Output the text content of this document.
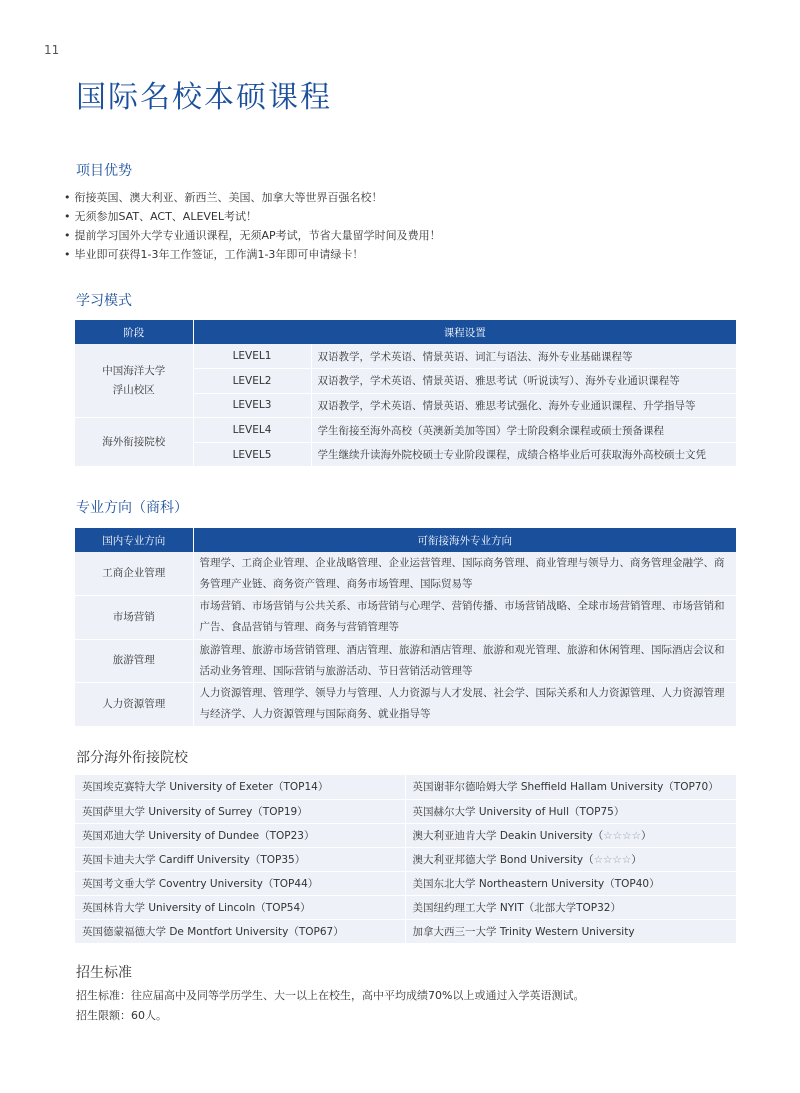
11
国际名校本硕课程
项目优势
• 衔接英国、澳大利亚、新西兰、美国、加拿大等世界百强名校！
• 无须参加SAT、ACT、ALEVEL考试！
• 提前学习国外大学专业通识课程，无须AP考试，节省大量留学时间及费用！
• 毕业即可获得1-3年工作签证，工作满1-3年即可申请绿卡！
学习模式
阶段	课程设置	

中国海洋大学
浮山校区	LEVEL1	双语教学，学术英语、情景英语、词汇与语法、海外专业基础课程等
	LEVEL2	双语教学，学术英语、情景英语、雅思考试（听说读写）、海外专业通识课程等
	LEVEL3	双语教学，学术英语、情景英语、雅思考试强化、海外专业通识课程、升学指导等
海外衔接院校	LEVEL4	学生衔接至海外高校（英澳新美加等国）学士阶段剩余课程或硕士预备课程
	LEVEL5	学生继续升读海外院校硕士专业阶段课程，成绩合格毕业后可获取海外高校硕士文凭
专业方向（商科）
国内专业方向	可衔接海外专业方向
工商企业管理	管理学、工商企业管理、企业战略管理、企业运营管理、国际商务管理、商业管理与领导力、商务管理金融学、商务管理产业链、商务资产管理、商务市场管理、国际贸易等
市场营销	市场营销、市场营销与公共关系、市场营销与心理学、营销传播、市场营销战略、全球市场营销管理、市场营销和广告、食品营销与管理、商务与营销管理等
旅游管理	旅游管理、旅游市场营销管理、酒店管理、旅游和酒店管理、旅游和观光管理、旅游和休闲管理、国际酒店会议和活动业务管理、国际营销与旅游活动、节日营销活动管理等
人力资源管理	人力资源管理、管理学、领导力与管理、人力资源与人才发展、社会学、国际关系和人力资源管理、人力资源管理与经济学、人力资源管理与国际商务、就业指导等
部分海外衔接院校
英国埃克赛特大学 University of Exeter（TOP14）	英国谢菲尔德哈姆大学 Sheffield Hallam University（TOP70）
英国萨里大学 University of Surrey（TOP19）	英国赫尔大学 University of Hull（TOP75）
英国邓迪大学 University of Dundee（TOP23）	澳大利亚迪肯大学 Deakin University（☆☆☆☆）
英国卡迪夫大学 Cardiff University（TOP35）	澳大利亚邦德大学 Bond University（☆☆☆☆）
英国考文垂大学 Coventry University（TOP44）	美国东北大学 Northeastern University（TOP40）
英国林肯大学 University of Lincoln（TOP54）	美国纽约理工大学 NYIT（北部大学TOP32）
英国德蒙福德大学 De Montfort University（TOP67）	加拿大西三一大学 Trinity Western University
招生标准
招生标准：往应届高中及同等学历学生、大一以上在校生，高中平均成绩70%以上或通过入学英语测试。
招生限额：60人。
